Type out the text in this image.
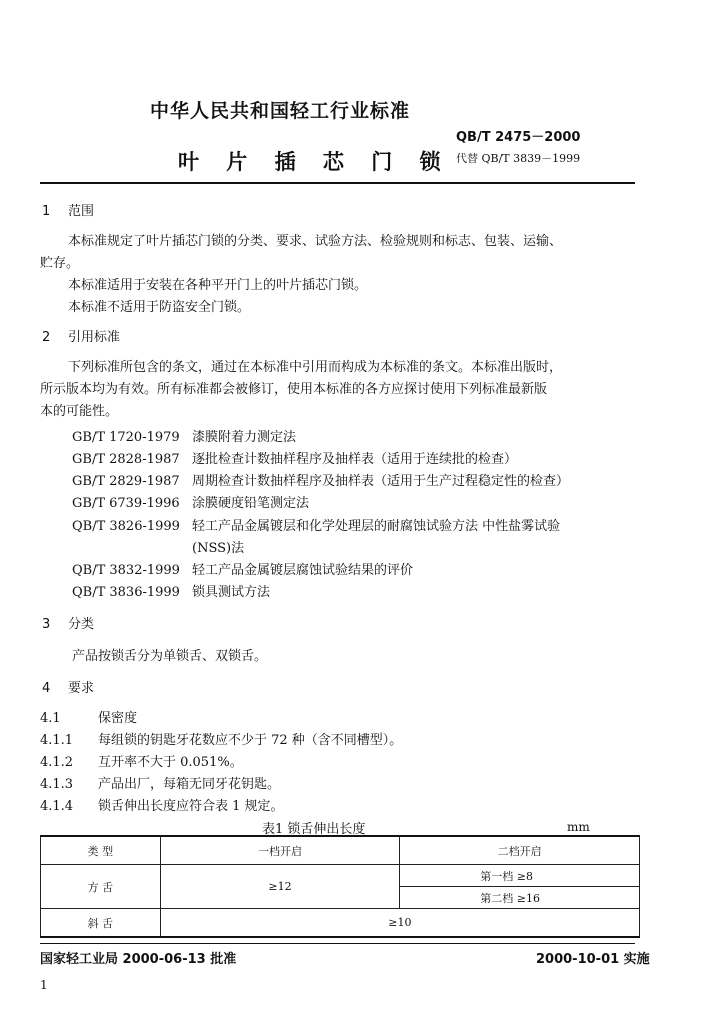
中华人民共和国轻工行业标准
QB/T 2475－2000
叶 片 插 芯 门 锁 代替 QB/T 3839－1999
1 范围
本标准规定了叶片插芯门锁的分类、要求、试验方法、检验规则和标志、包装、运输、
贮存。
本标准适用于安装在各种平开门上的叶片插芯门锁。
本标准不适用于防盗安全门锁。
2 引用标准
下列标准所包含的条文，通过在本标准中引用而构成为本标准的条文。本标准出版时，
所示版本均为有效。所有标准都会被修订，使用本标准的各方应探讨使用下列标准最新版
本的可能性。
GB/T 1720-1979 漆膜附着力测定法
GB/T 2828-1987 逐批检查计数抽样程序及抽样表（适用于连续批的检查）
GB/T 2829-1987 周期检查计数抽样程序及抽样表（适用于生产过程稳定性的检查）
GB/T 6739-1996 涂膜硬度铅笔测定法
QB/T 3826-1999 轻工产品金属镀层和化学处理层的耐腐蚀试验方法 中性盐雾试验
(NSS)法
QB/T 3832-1999 轻工产品金属镀层腐蚀试验结果的评价
QB/T 3836-1999 锁具测试方法
3 分类
产品按锁舌分为单锁舌、双锁舌。
4 要求
4.1	保密度
4.1.1 每组锁的钥匙牙花数应不少于 72 种（含不同槽型）。
4.1.2 互开率不大于 0.051%。
4.1.3 产品出厂，每箱无同牙花钥匙。
4.1.4 锁舌伸出长度应符合表 1 规定。
表1 锁舌伸出长度	mm
类 型	一档开启	二档开启
方 舌	≥12	第一档 ≥8
		第二档 ≥16
斜 舌	≥10	
国家轻工业局 2000-06-13 批准	2000-10-01 实施
1
